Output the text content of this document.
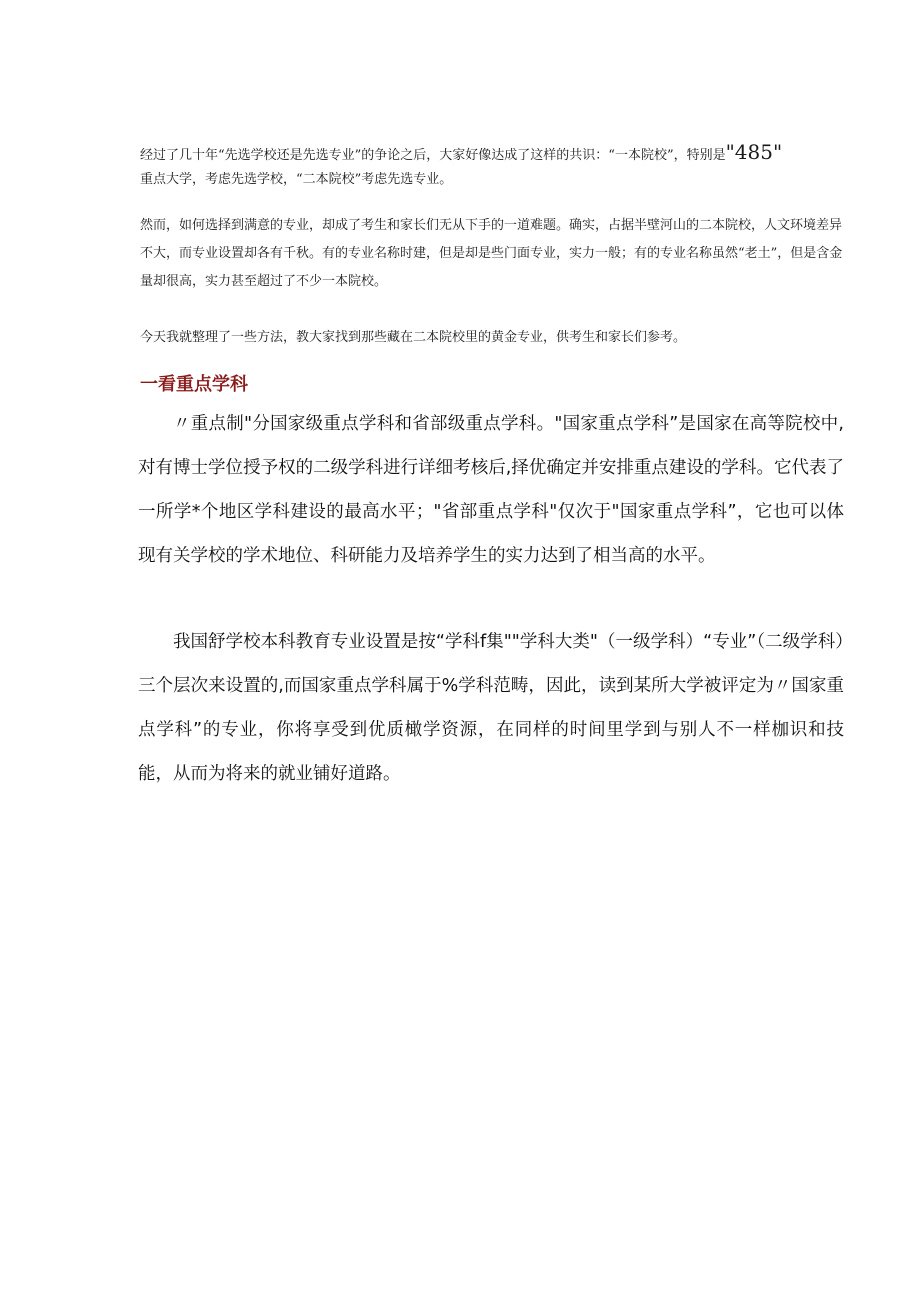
经过了几十年“先选学校还是先选专业”的争论之后，大家好像达成了这样的共识：“一本院校”，特别是"485"
重点大学，考虑先选学校，“二本院校”考虑先选专业。

然而，如何选择到满意的专业，却成了考生和家长们无从下手的一道难题。确实，占据半壁河山的二本院校，人文环境差异不大，而专业设置却各有千秋。有的专业名称时建，但是却是些门面专业，实力一般；有的专业名称虽然“老土”，但是含金量却很高，实力甚至超过了不少一本院校。

今天我就整理了一些方法，教大家找到那些藏在二本院校里的黄金专业，供考生和家长们参考。

一看重点学科

〃重点制"分国家级重点学科和省部级重点学科。"国家重点学科”是国家在高等院校中,对有博士学位授予权的二级学科进行详细考核后,择优确定并安排重点建设的学科。它代表了一所学*个地区学科建设的最高水平；"省部重点学科"仅次于"国家重点学科”，它也可以体现有关学校的学术地位、科研能力及培养学生的实力达到了相当高的水平。

我国舒学校本科教育专业设置是按“学科f集""学科大类"（一级学科）“专业”（二级学科）三个层次来设置的,而国家重点学科属于%学科范畴，因此，读到某所大学被评定为〃国家重点学科”的专业，你将享受到优质橄学资源，在同样的时间里学到与别人不一样枷识和技能，从而为将来的就业铺好道路。
